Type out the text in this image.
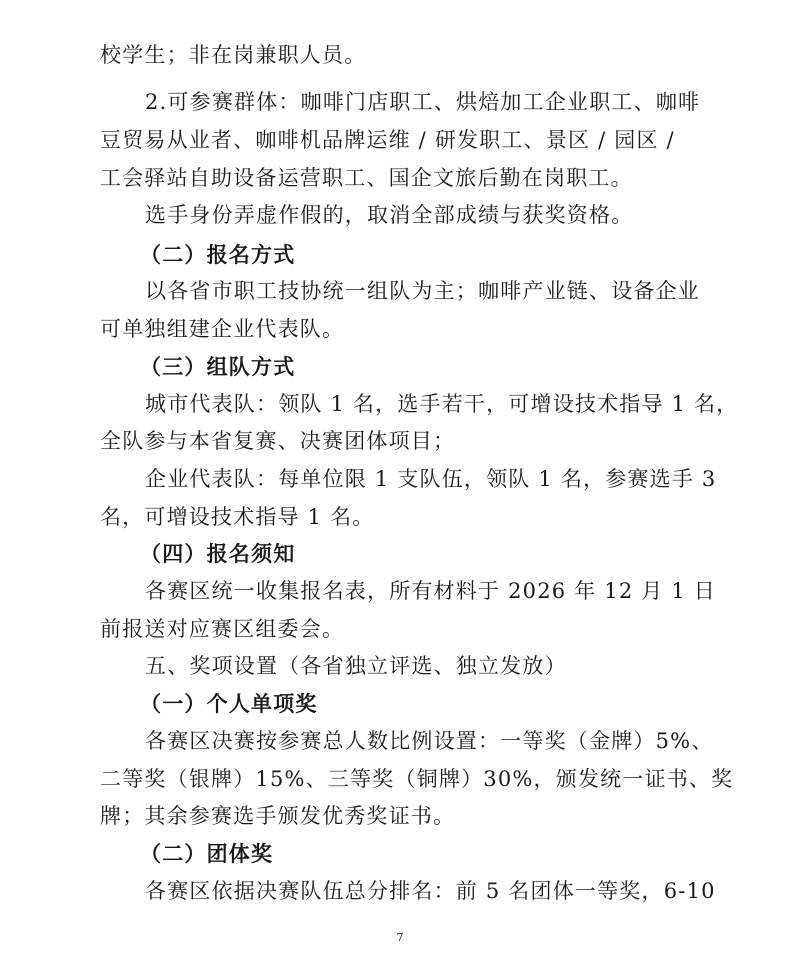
校学生；非在岗兼职人员。
2.可参赛群体：咖啡门店职工、烘焙加工企业职工、咖啡
豆贸易从业者、咖啡机品牌运维 / 研发职工、景区 / 园区 /
工会驿站自助设备运营职工、国企文旅后勤在岗职工。
选手身份弄虚作假的，取消全部成绩与获奖资格。
（二）报名方式
以各省市职工技协统一组队为主；咖啡产业链、设备企业
可单独组建企业代表队。
（三）组队方式
城市代表队：领队 1 名，选手若干，可增设技术指导 1 名，
全队参与本省复赛、决赛团体项目；
企业代表队：每单位限 1 支队伍，领队 1 名，参赛选手 3
名，可增设技术指导 1 名。
（四）报名须知
各赛区统一收集报名表，所有材料于 2026 年 12 月 1 日
前报送对应赛区组委会。
五、奖项设置（各省独立评选、独立发放）
（一）个人单项奖
各赛区决赛按参赛总人数比例设置：一等奖（金牌）5%、
二等奖（银牌）15%、三等奖（铜牌）30%，颁发统一证书、奖
牌；其余参赛选手颁发优秀奖证书。
（二）团体奖
各赛区依据决赛队伍总分排名：前 5 名团体一等奖，6-10
7
